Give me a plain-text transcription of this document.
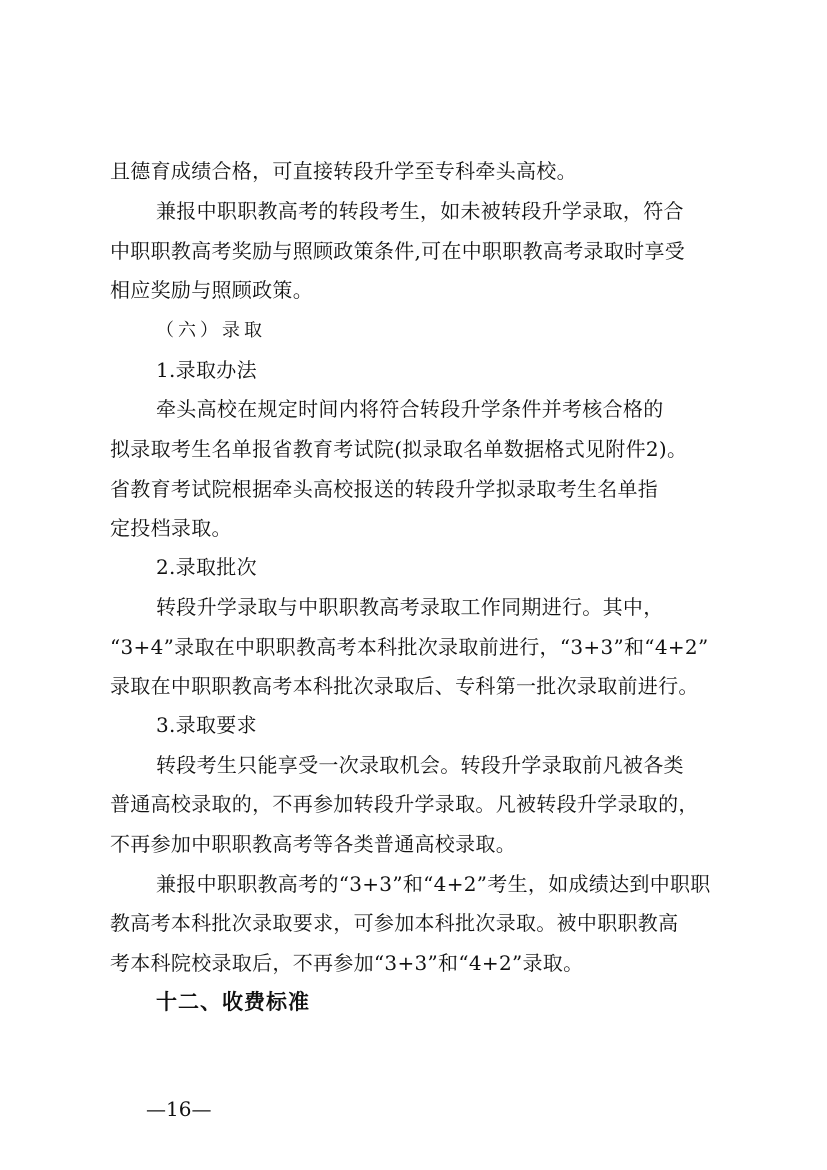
且德育成绩合格，可直接转段升学至专科牵头高校。
兼报中职职教高考的转段考生，如未被转段升学录取，符合
中职职教高考奖励与照顾政策条件,可在中职职教高考录取时享受
相应奖励与照顾政策。
（六）录取
1.录取办法
牵头高校在规定时间内将符合转段升学条件并考核合格的
拟录取考生名单报省教育考试院(拟录取名单数据格式见附件2)。
省教育考试院根据牵头高校报送的转段升学拟录取考生名单指
定投档录取。
2.录取批次
转段升学录取与中职职教高考录取工作同期进行。其中，
“3+4”录取在中职职教高考本科批次录取前进行，“3+3”和“4+2”
录取在中职职教高考本科批次录取后、专科第一批次录取前进行。
3.录取要求
转段考生只能享受一次录取机会。转段升学录取前凡被各类
普通高校录取的，不再参加转段升学录取。凡被转段升学录取的，
不再参加中职职教高考等各类普通高校录取。
兼报中职职教高考的“3+3”和“4+2”考生，如成绩达到中职职
教高考本科批次录取要求，可参加本科批次录取。被中职职教高
考本科院校录取后，不再参加“3+3”和“4+2”录取。
十二、收费标准
—16—
